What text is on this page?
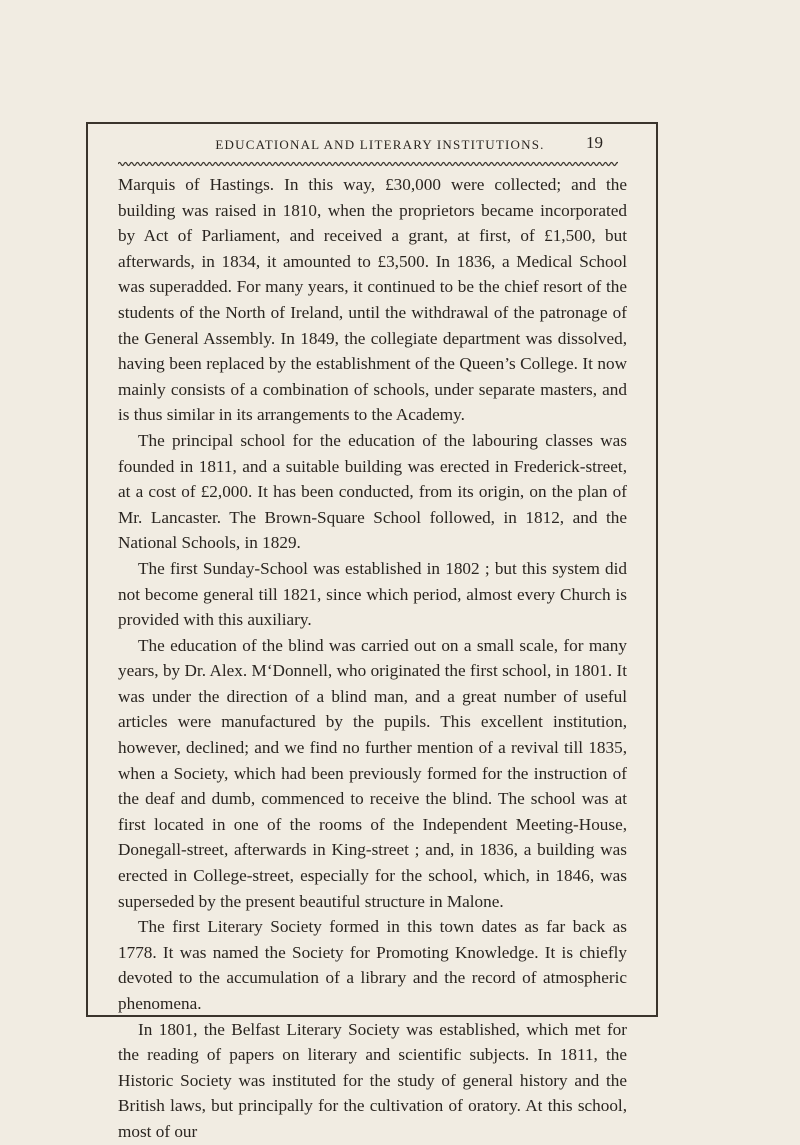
EDUCATIONAL AND LITERARY INSTITUTIONS.	19

Marquis of Hastings. In this way, £30,000 were collected; and the building was raised in 1810, when the proprietors became incorporated by Act of Parliament, and received a grant, at first, of £1,500, but afterwards, in 1834, it amounted to £3,500. In 1836, a Medical School was superadded. For many years, it continued to be the chief resort of the students of the North of Ireland, until the withdrawal of the patronage of the General Assembly. In 1849, the collegiate department was dissolved, having been replaced by the establishment of the Queen’s College. It now mainly consists of a combination of schools, under separate masters, and is thus similar in its arrangements to the Academy.

The principal school for the education of the labouring classes was founded in 1811, and a suitable building was erected in Frederick-street, at a cost of £2,000. It has been conducted, from its origin, on the plan of Mr. Lancaster. The Brown-Square School followed, in 1812, and the National Schools, in 1829.

The first Sunday-School was established in 1802 ; but this system did not become general till 1821, since which period, almost every Church is provided with this auxiliary.

The education of the blind was carried out on a small scale, for many years, by Dr. Alex. M‘Donnell, who originated the first school, in 1801. It was under the direction of a blind man, and a great number of useful articles were manufactured by the pupils. This excellent institution, however, declined; and we find no further mention of a revival till 1835, when a Society, which had been previously formed for the instruction of the deaf and dumb, commenced to receive the blind. The school was at first located in one of the rooms of the Independent Meeting-House, Donegall-street, afterwards in King-street ; and, in 1836, a building was erected in College-street, especially for the school, which, in 1846, was superseded by the present beautiful structure in Malone.

The first Literary Society formed in this town dates as far back as 1778. It was named the Society for Promoting Knowledge. It is chiefly devoted to the accumulation of a library and the record of atmospheric phenomena.

In 1801, the Belfast Literary Society was established, which met for the reading of papers on literary and scientific subjects. In 1811, the Historic Society was instituted for the study of general history and the British laws, but principally for the cultivation of oratory. At this school, most of our
